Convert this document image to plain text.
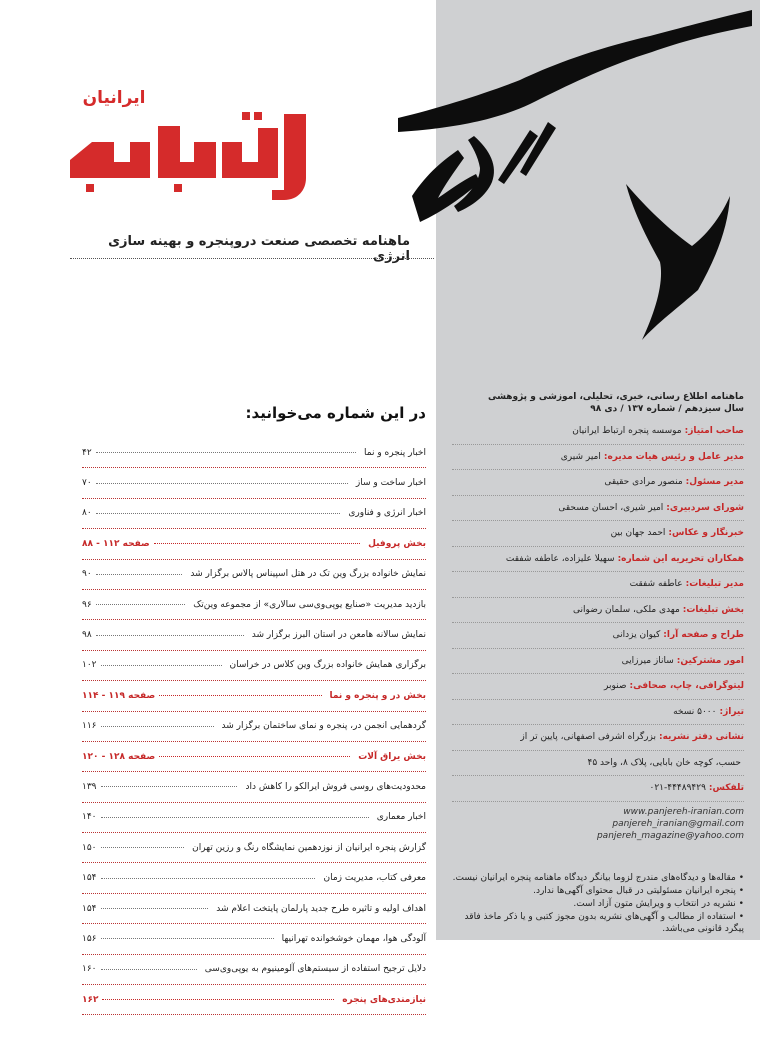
ایرانیان
ماهنامه تخصصی صنعت دروپنجره و بهینه سازی انرژی
در این شماره می‌خوانید:
اخبار پنجره و نما
۴۲
اخبار ساخت و ساز
۷۰
اخبار انرژی و فناوری
۸۰
بخش پروفیل
صفحه ۱۱۲ - ۸۸
نمایش خانواده بزرگ وین تک در هتل اسپیناس پالاس برگزار شد
۹۰
بازدید مدیریت «صنایع یوپی‌وی‌سی سالاری» از مجموعه وین‌تک
۹۶
نمایش سالانه هامعن در استان البرز برگزار شد
۹۸
برگزاری همایش خانواده بزرگ وین کلاس در خراسان
۱۰۲
بخش در و پنجره و نما
صفحه ۱۱۹ - ۱۱۴
گردهمایی انجمن در، پنجره و نمای ساختمان برگزار شد
۱۱۶
بخش یراق آلات
صفحه ۱۲۸ - ۱۲۰
محدودیت‌های روسی فروش ایرالکو را کاهش داد
۱۳۹
اخبار معماری
۱۴۰
گزارش پنجره ایرانیان از نوزدهمین نمایشگاه رنگ و رزین تهران
۱۵۰
معرفی کتاب، مدیریت زمان
۱۵۴
اهداف اولیه و تاثیره طرح جدید پارلمان پایتخت اعلام شد
۱۵۴
آلودگی هوا، مهمان خوشخوانده تهرانیها
۱۵۶
دلایل ترجیح استفاده از سیستم‌های آلومینیوم به یوپی‌وی‌سی
۱۶۰
نیازمندی‌های پنجره
۱۶۲
ماهنامه اطلاع رسانی، خبری، تحلیلی، آموزشی و پژوهشی
سال سیزدهم / شماره ۱۳۷ / دی ۹۸
صاحب امتیاز:
موسسه پنجره ارتباط ایرانیان
مدیر عامل و رئیس هیات مدیره:
امیر شیری
مدیر مسئول:
منصور مرادی حقیقی
شورای سردبیری:
امیر شیری، احسان مسحقی
خبرنگار و عکاس:
احمد جهان بین
همکاران تحریریه این شماره:
سهیلا علیزاده، عاطفه شفقت
مدیر تبلیغات:
عاطفه شفقت
بخش تبلیغات:
مهدی ملکی، سلمان رضوانی
طراح و صفحه آرا:
کیوان یزدانی
امور مشترکین:
ساناز میرزایی
لیتوگرافی، چاپ، صحافی:
صنوبر
تیراژ:
۵۰۰۰ نسخه
نشانی دفتر نشریه:
بزرگراه اشرفی اصفهانی، پایین تر از
حسب، کوچه خان بابایی، پلاک ۸، واحد ۴۵
تلفکس:
۰۲۱-۴۴۴۸۹۴۲۹
www.panjereh-iranian.com
panjereh_iranian@gmail.com
panjereh_magazine@yahoo.com

• مقاله‌ها و دیدگاه‌های مندرج لزوما بیانگر دیدگاه ماهنامه پنجره ایرانیان نیست.

• پنجره ایرانیان مسئولیتی در قبال محتوای آگهی‌ها ندارد.

• نشریه در انتخاب و ویرایش متون آزاد است.

• استفاده از مطالب و آگهی‌های نشریه بدون مجوز کتبی و یا ذکر ماخذ فاقد پیگرد قانونی می‌باشد.
